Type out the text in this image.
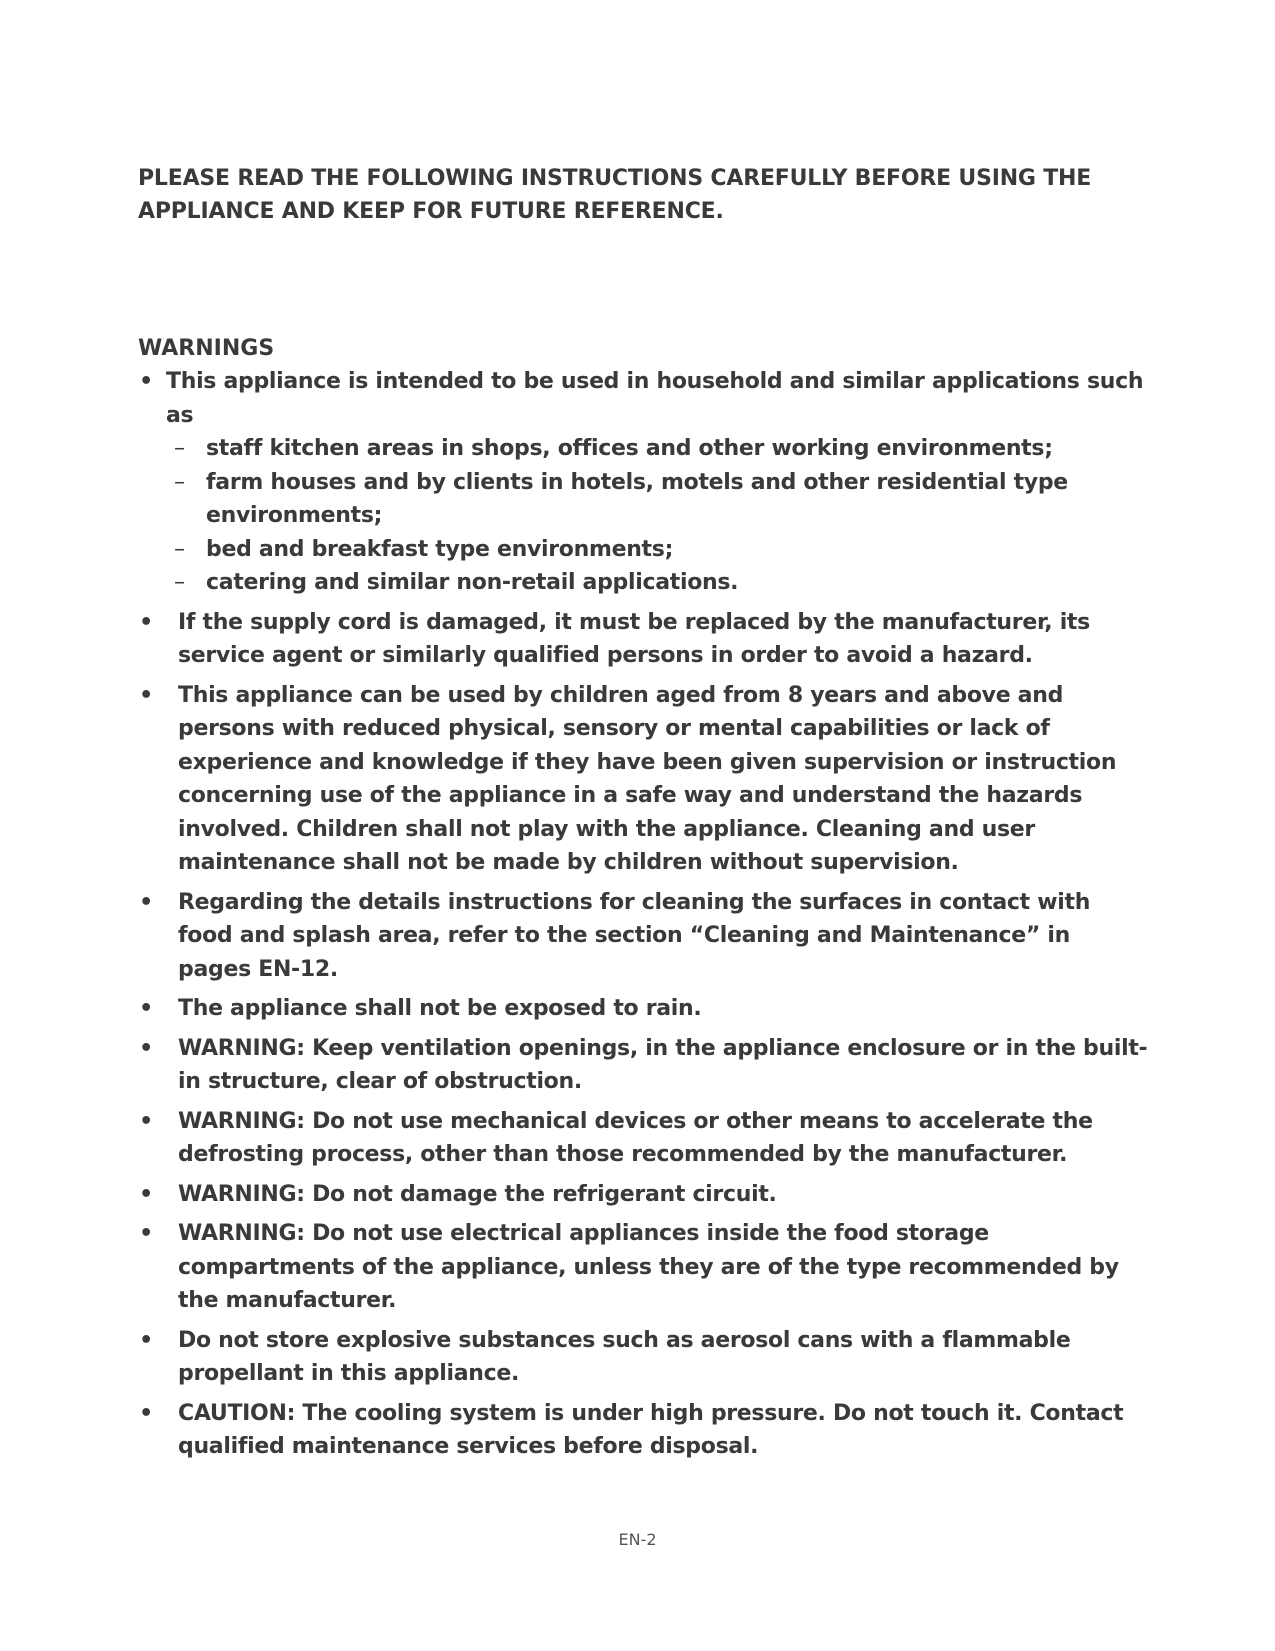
PLEASE READ THE FOLLOWING INSTRUCTIONS CAREFULLY BEFORE USING THE
APPLIANCE AND KEEP FOR FUTURE REFERENCE.
WARNINGS
• This appliance is intended to be used in household and similar applications such as
– staff kitchen areas in shops, offices and other working environments;
– farm houses and by clients in hotels, motels and other residential type environments;
– bed and breakfast type environments;
– catering and similar non-retail applications.
• If the supply cord is damaged, it must be replaced by the manufacturer, its service agent or similarly qualified persons in order to avoid a hazard.
• This appliance can be used by children aged from 8 years and above and persons with reduced physical, sensory or mental capabilities or lack of experience and knowledge if they have been given supervision or instruction concerning use of the appliance in a safe way and understand the hazards involved. Children shall not play with the appliance. Cleaning and user maintenance shall not be made by children without supervision.
• Regarding the details instructions for cleaning the surfaces in contact with food and splash area, refer to the section “Cleaning and Maintenance” in pages EN-12.
• The appliance shall not be exposed to rain.
• WARNING: Keep ventilation openings, in the appliance enclosure or in the built-in structure, clear of obstruction.
• WARNING: Do not use mechanical devices or other means to accelerate the defrosting process, other than those recommended by the manufacturer.
• WARNING: Do not damage the refrigerant circuit.
• WARNING: Do not use electrical appliances inside the food storage compartments of the appliance, unless they are of the type recommended by the manufacturer.
• Do not store explosive substances such as aerosol cans with a flammable propellant in this appliance.
• CAUTION: The cooling system is under high pressure. Do not touch it. Contact qualified maintenance services before disposal.
EN-2
